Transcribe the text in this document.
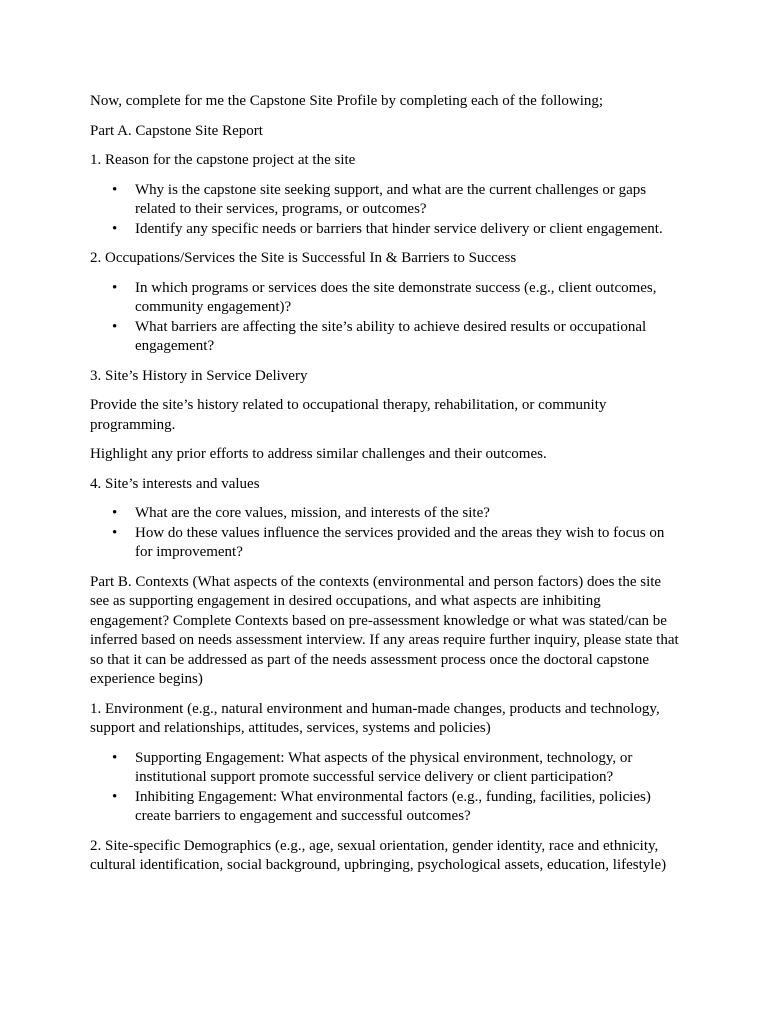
Now, complete for me the Capstone Site Profile by completing each of the following;

Part A. Capstone Site Report

1. Reason for the capstone project at the site

• Why is the capstone site seeking support, and what are the current challenges or gaps related to their services, programs, or outcomes?
• Identify any specific needs or barriers that hinder service delivery or client engagement.

2. Occupations/Services the Site is Successful In & Barriers to Success

• In which programs or services does the site demonstrate success (e.g., client outcomes, community engagement)?
• What barriers are affecting the site’s ability to achieve desired results or occupational engagement?

3. Site’s History in Service Delivery

Provide the site’s history related to occupational therapy, rehabilitation, or community programming.

Highlight any prior efforts to address similar challenges and their outcomes.

4. Site’s interests and values

• What are the core values, mission, and interests of the site?
• How do these values influence the services provided and the areas they wish to focus on for improvement?

Part B. Contexts (What aspects of the contexts (environmental and person factors) does the site see as supporting engagement in desired occupations, and what aspects are inhibiting engagement? Complete Contexts based on pre-assessment knowledge or what was stated/can be inferred based on needs assessment interview. If any areas require further inquiry, please state that so that it can be addressed as part of the needs assessment process once the doctoral capstone experience begins)

1. Environment (e.g., natural environment and human-made changes, products and technology, support and relationships, attitudes, services, systems and policies)

• Supporting Engagement: What aspects of the physical environment, technology, or institutional support promote successful service delivery or client participation?
• Inhibiting Engagement: What environmental factors (e.g., funding, facilities, policies) create barriers to engagement and successful outcomes?

2. Site-specific Demographics (e.g., age, sexual orientation, gender identity, race and ethnicity, cultural identification, social background, upbringing, psychological assets, education, lifestyle)
